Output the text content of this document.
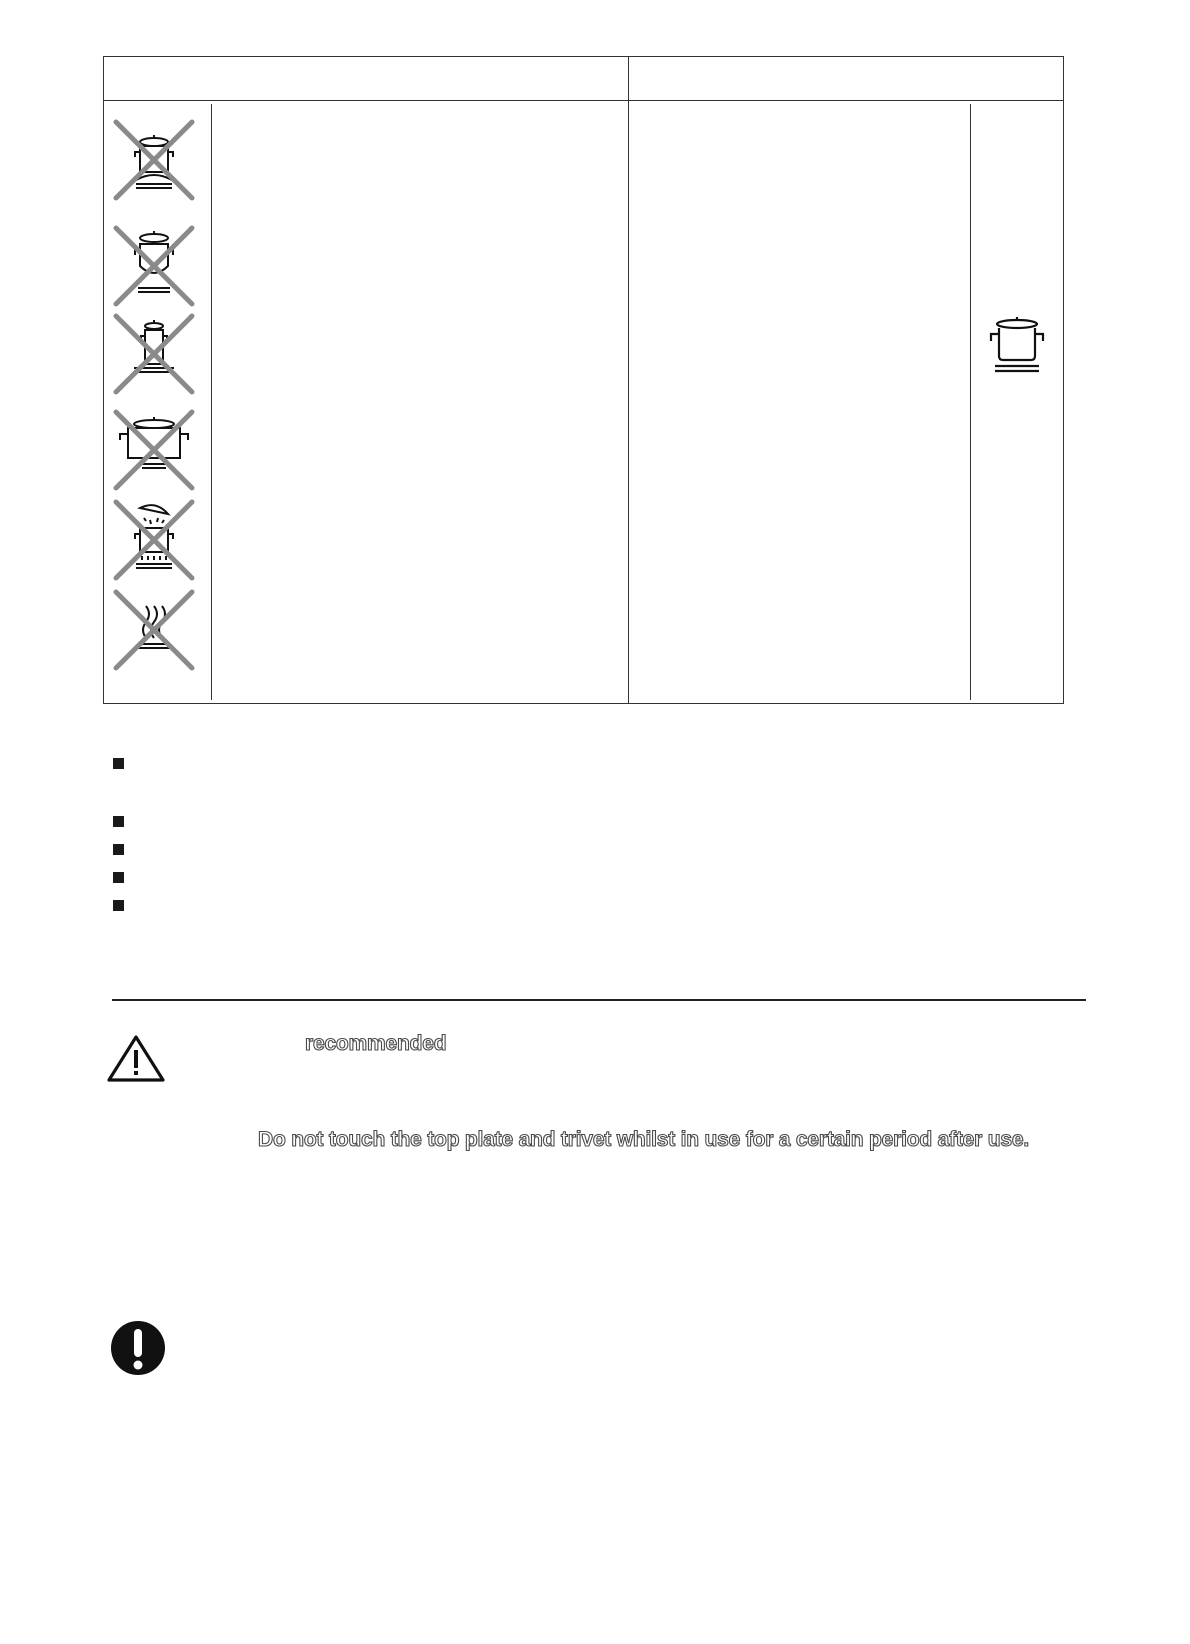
recommended
Do not touch the top plate and trivet whilst in use for a certain period after use.
